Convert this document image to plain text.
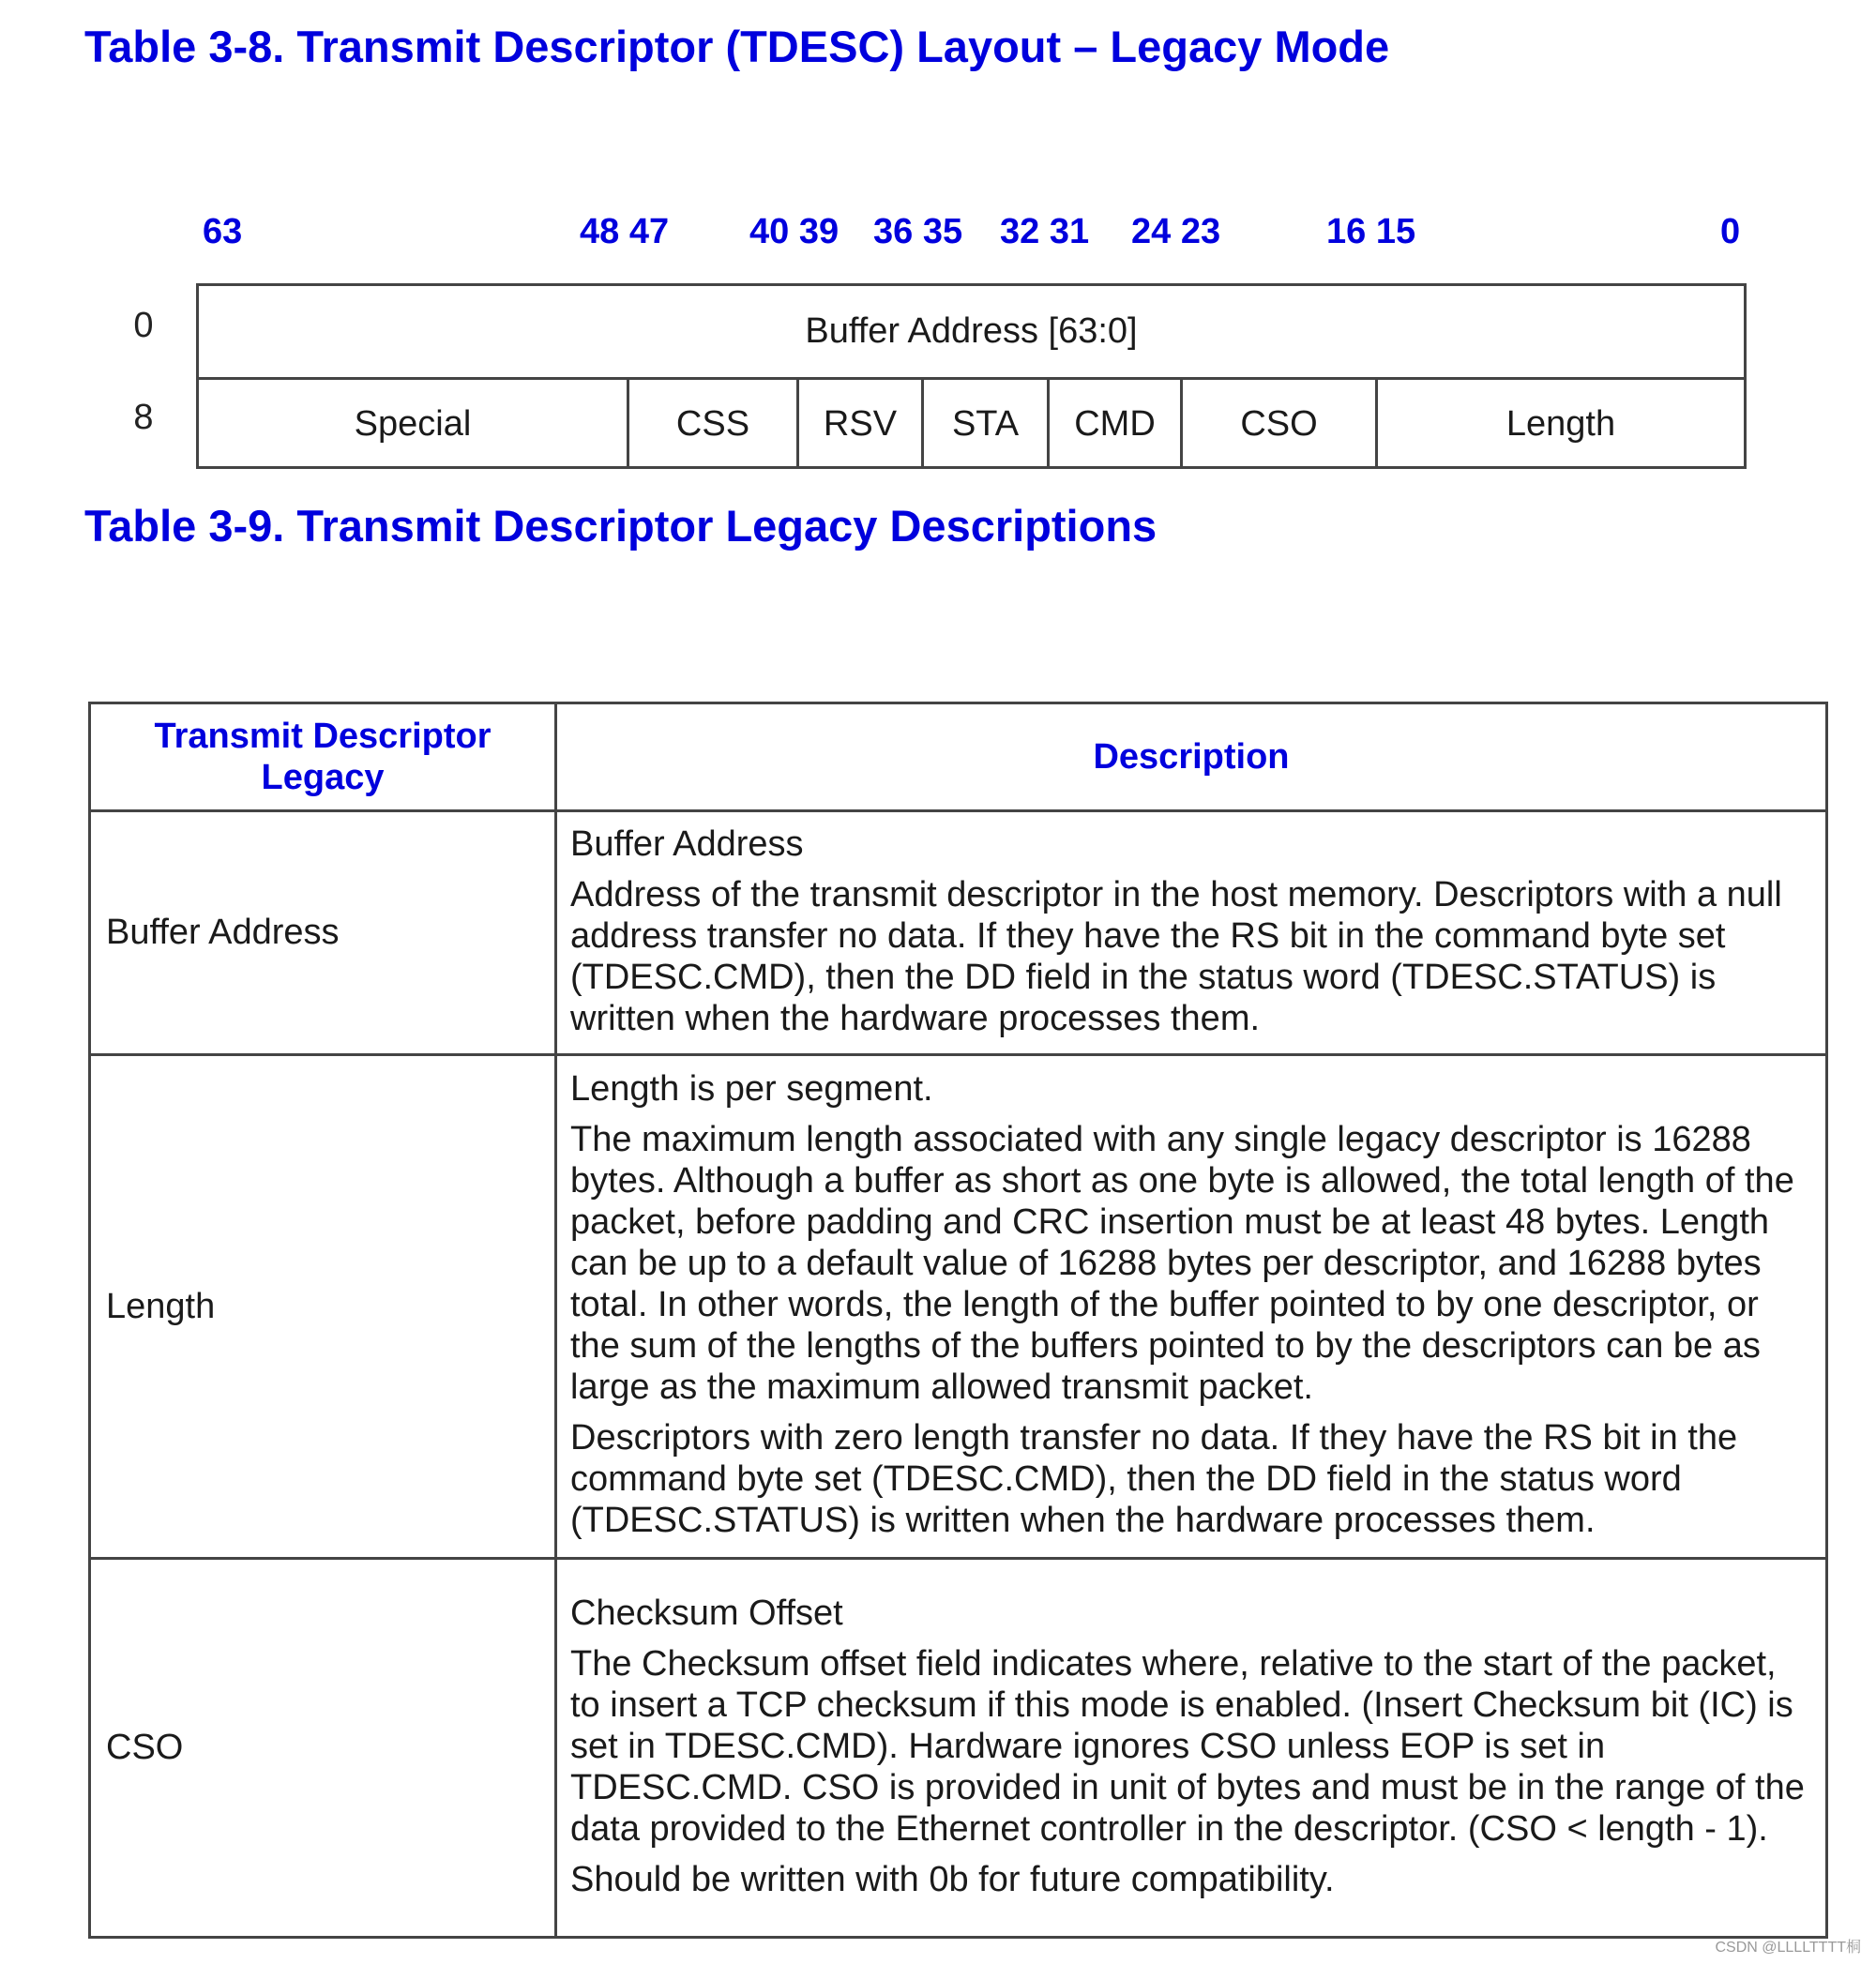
Table 3-8. Transmit Descriptor (TDESC) Layout – Legacy Mode
63	48 47 40 39 36 35 32 31 24 23	16 15	0
0
8
Buffer Address [63:0]
Special	CSS	RSV	STA	CMD	CSO	Length
Table 3-9. Transmit Descriptor Legacy Descriptions
Transmit Descriptor Legacy	Description
Buffer Address	Buffer Address

Address of the transmit descriptor in the host memory. Descriptors with a null address transfer no data. If they have the RS bit in the command byte set (TDESC.CMD), then the DD field in the status word (TDESC.STATUS) is written when the hardware processes them.

Length	Length is per segment.

The maximum length associated with any single legacy descriptor is 16288 bytes. Although a buffer as short as one byte is allowed, the total length of the packet, before padding and CRC insertion must be at least 48 bytes. Length can be up to a default value of 16288 bytes per descriptor, and 16288 bytes total. In other words, the length of the buffer pointed to by one descriptor, or the sum of the lengths of the buffers pointed to by the descriptors can be as large as the maximum allowed transmit packet.

Descriptors with zero length transfer no data. If they have the RS bit in the command byte set (TDESC.CMD), then the DD field in the status word (TDESC.STATUS) is written when the hardware processes them.

CSO	Checksum Offset

The Checksum offset field indicates where, relative to the start of the packet, to insert a TCP checksum if this mode is enabled. (Insert Checksum bit (IC) is set in TDESC.CMD). Hardware ignores CSO unless EOP is set in TDESC.CMD. CSO is provided in unit of bytes and must be in the range of the data provided to the Ethernet controller in the descriptor. (CSO < length - 1).

Should be written with 0b for future compatibility.

CSDN @LLLLTTTT桐
